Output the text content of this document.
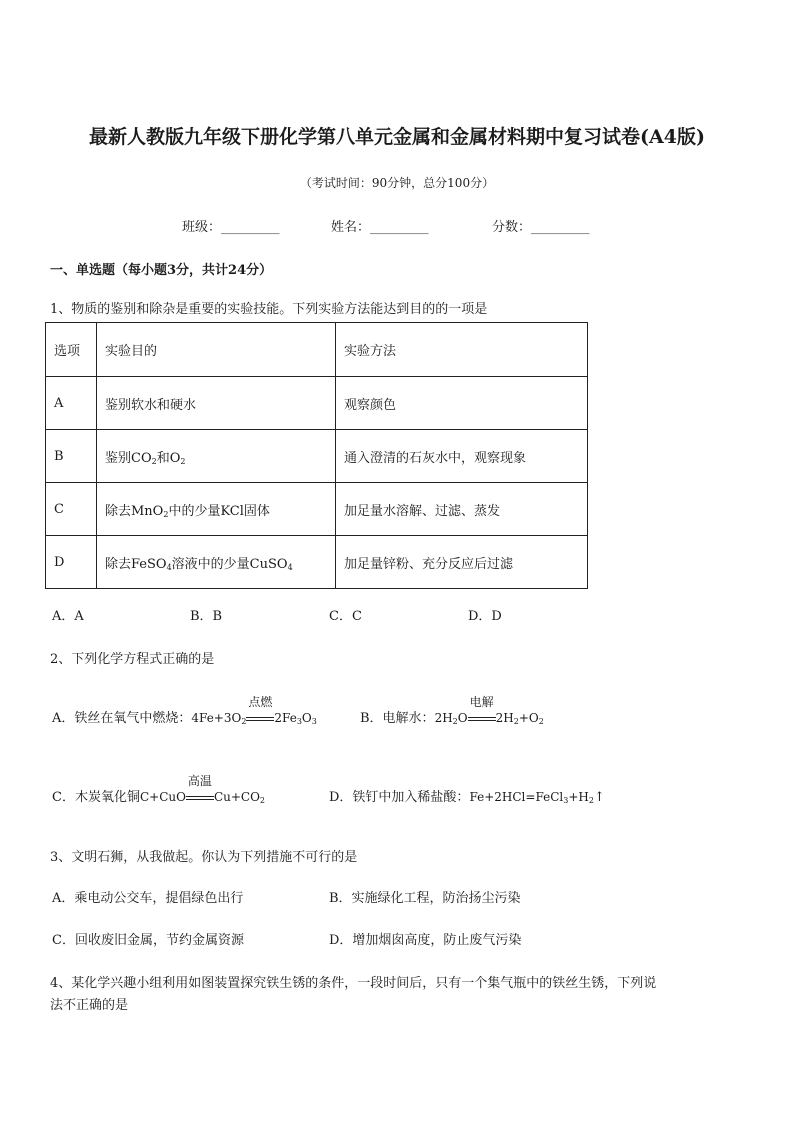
最新人教版九年级下册化学第八单元金属和金属材料期中复习试卷(A4版)
（考试时间：90分钟，总分100分）
班级：_________	姓名：_________	分数：_________
一、单选题（每小题3分，共计24分）
1、物质的鉴别和除杂是重要的实验技能。下列实验方法能达到目的的一项是
选项	实验目的	实验方法
A	鉴别软水和硬水	观察颜色
B	鉴别$CO_2$和$O_2$	通入澄清的石灰水中，观察现象
C	除去MnO$_2$中的少量KCl固体	加足量水溶解、过滤、蒸发
D	除去FeSO$_4$溶液中的少量CuSO$_4$	加足量锌粉、充分反应后过滤
A．A	B．B	C．C	D．D
2、下列化学方程式正确的是
A．铁丝在氧气中燃烧：$4Fe+3O_2$
点燃
$2Fe_3O_3$	B．电解水：$2H_2O$
电解
$2H_2+O_2$
C．木炭氧化铜C+CuO
高温
$Cu+CO_2$	D．铁钉中加入稀盐酸：$Fe+2HCl=FeCl_3+H_2↑$
3、文明石狮，从我做起。你认为下列措施不可行的是
A．乘电动公交车，提倡绿色出行	B．实施绿化工程，防治扬尘污染
C．回收废旧金属，节约金属资源	D．增加烟囱高度，防止废气污染
4、某化学兴趣小组利用如图装置探究铁生锈的条件，一段时间后，只有一个集气瓶中的铁丝生锈，下列说
法不正确的是
